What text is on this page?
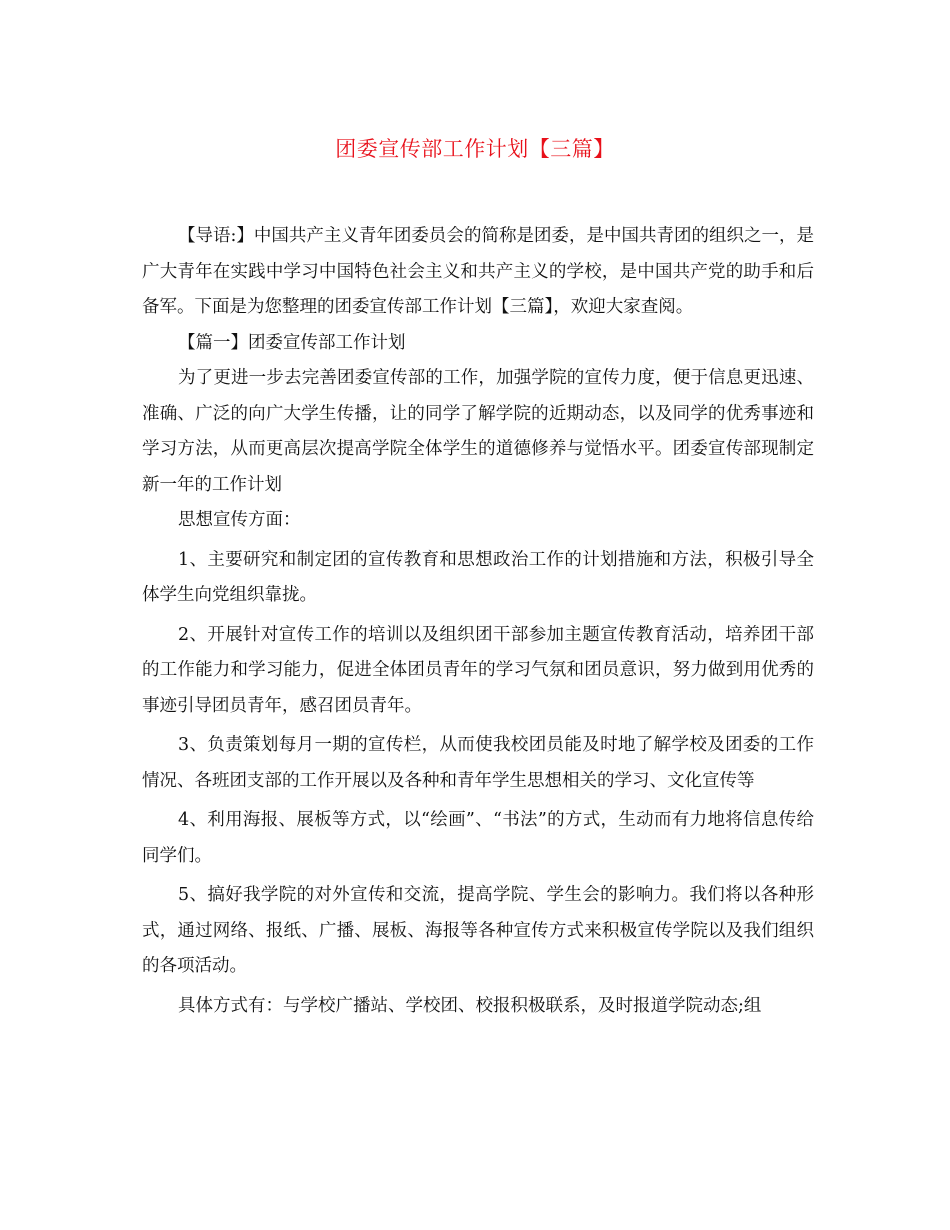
团委宣传部工作计划【三篇】

【导语:】中国共产主义青年团委员会的简称是团委，是中国共青团的组织之一，是广大青年在实践中学习中国特色社会主义和共产主义的学校，是中国共产党的助手和后备军。下面是为您整理的团委宣传部工作计划【三篇】，欢迎大家查阅。

【篇一】团委宣传部工作计划

为了更进一步去完善团委宣传部的工作，加强学院的宣传力度，便于信息更迅速、准确、广泛的向广大学生传播，让的同学了解学院的近期动态，以及同学的优秀事迹和学习方法，从而更高层次提高学院全体学生的道德修养与觉悟水平。团委宣传部现制定新一年的工作计划

思想宣传方面：

1、主要研究和制定团的宣传教育和思想政治工作的计划措施和方法，积极引导全体学生向党组织靠拢。

2、开展针对宣传工作的培训以及组织团干部参加主题宣传教育活动，培养团干部的工作能力和学习能力，促进全体团员青年的学习气氛和团员意识，努力做到用优秀的事迹引导团员青年，感召团员青年。

3、负责策划每月一期的宣传栏，从而使我校团员能及时地了解学校及团委的工作情况、各班团支部的工作开展以及各种和青年学生思想相关的学习、文化宣传等

4、利用海报、展板等方式，以“绘画”、“书法”的方式，生动而有力地将信息传给同学们。

5、搞好我学院的对外宣传和交流，提高学院、学生会的影响力。我们将以各种形式，通过网络、报纸、广播、展板、海报等各种宣传方式来积极宣传学院以及我们组织的各项活动。

具体方式有：与学校广播站、学校团、校报积极联系，及时报道学院动态;组
